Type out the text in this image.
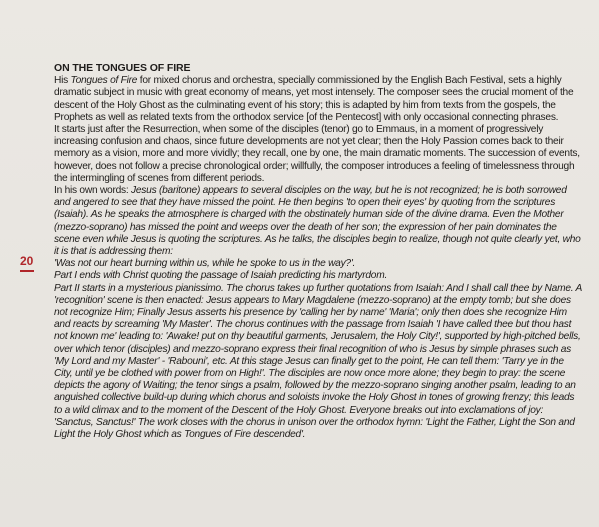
20
ON THE TONGUES OF FIRE

His Tongues of Fire for mixed chorus and orchestra, specially commissioned by the English Bach Festival, sets a highly dramatic subject in music with great economy of means, yet most intensely. The composer sees the crucial moment of the descent of the Holy Ghost as the culminating event of his story; this is adapted by him from texts from the gospels, the Prophets as well as related texts from the orthodox service [of the Pentecost] with only occasional connecting phrases.

It starts just after the Resurrection, when some of the disciples (tenor) go to Emmaus, in a moment of progressively increasing confusion and chaos, since future developments are not yet clear; then the Holy Passion comes back to their memory as a vision, more and more vividly; they recall, one by one, the main dramatic moments. The succession of events, however, does not follow a precise chronological order; willfully, the composer introduces a feeling of timelessness through the intermingling of scenes from different periods.

In his own words: Jesus (baritone) appears to several disciples on the way, but he is not recognized; he is both sorrowed and angered to see that they have missed the point. He then begins 'to open their eyes' by quoting from the scriptures (Isaiah). As he speaks the atmosphere is charged with the obstinately human side of the divine drama. Even the Mother (mezzo-soprano) has missed the point and weeps over the death of her son; the expression of her pain dominates the scene even while Jesus is quoting the scriptures. As he talks, the disciples begin to realize, though not quite clearly yet, who it is that is addressing them:

'Was not our heart burning within us, while he spoke to us in the way?'.

Part I ends with Christ quoting the passage of Isaiah predicting his martyrdom.

Part II starts in a mysterious pianissimo. The chorus takes up further quotations from Isaiah: And I shall call thee by Name. A 'recognition' scene is then enacted: Jesus appears to Mary Magdalene (mezzo-soprano) at the empty tomb; but she does not recognize Him; Finally Jesus asserts his presence by 'calling her by name' 'Maria'; only then does she recognize Him and reacts by screaming 'My Master'. The chorus continues with the passage from Isaiah 'I have called thee but thou hast not known me' leading to: 'Awake! put on thy beautiful garments, Jerusalem, the Holy City!', supported by high-pitched bells, over which tenor (disciples) and mezzo-soprano express their final recognition of who is Jesus by simple phrases such as 'My Lord and my Master' - 'Rabouni', etc. At this stage Jesus can finally get to the point, He can tell them: 'Tarry ye in the City, until ye be clothed with power from on High!'. The disciples are now once more alone; they begin to pray: the scene depicts the agony of Waiting; the tenor sings a psalm, followed by the mezzo-soprano singing another psalm, leading to an anguished collective build-up during which chorus and soloists invoke the Holy Ghost in tones of growing frenzy; this leads to a wild climax and to the moment of the Descent of the Holy Ghost. Everyone breaks out into exclamations of joy: 'Sanctus, Sanctus!' The work closes with the chorus in unison over the orthodox hymn: 'Light the Father, Light the Son and Light the Holy Ghost which as Tongues of Fire descended'.
